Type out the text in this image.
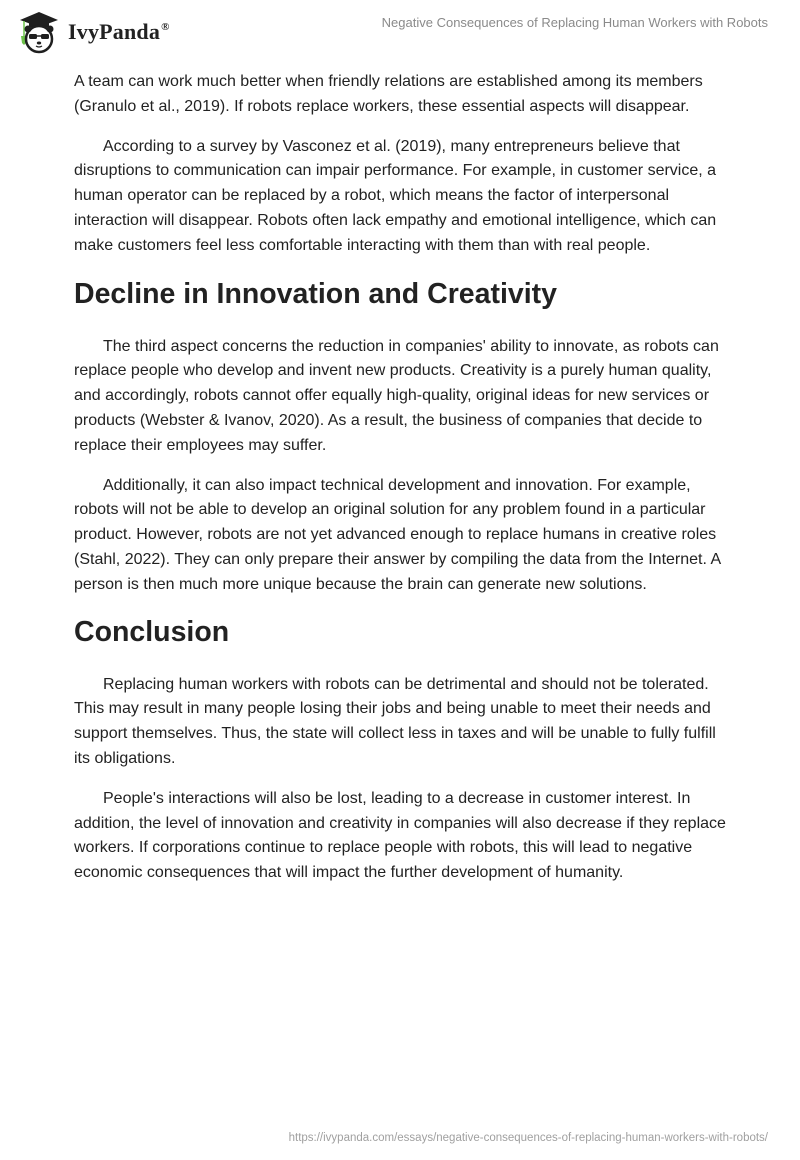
IvyPanda®	Negative Consequences of Replacing Human Workers with Robots

A team can work much better when friendly relations are established among its members (Granulo et al., 2019). If robots replace workers, these essential aspects will disappear.

According to a survey by Vasconez et al. (2019), many entrepreneurs believe that disruptions to communication can impair performance. For example, in customer service, a human operator can be replaced by a robot, which means the factor of interpersonal interaction will disappear. Robots often lack empathy and emotional intelligence, which can make customers feel less comfortable interacting with them than with real people.

Decline in Innovation and Creativity

The third aspect concerns the reduction in companies' ability to innovate, as robots can replace people who develop and invent new products. Creativity is a purely human quality, and accordingly, robots cannot offer equally high-quality, original ideas for new services or products (Webster & Ivanov, 2020). As a result, the business of companies that decide to replace their employees may suffer.

Additionally, it can also impact technical development and innovation. For example, robots will not be able to develop an original solution for any problem found in a particular product. However, robots are not yet advanced enough to replace humans in creative roles (Stahl, 2022). They can only prepare their answer by compiling the data from the Internet. A person is then much more unique because the brain can generate new solutions.

Conclusion

Replacing human workers with robots can be detrimental and should not be tolerated. This may result in many people losing their jobs and being unable to meet their needs and support themselves. Thus, the state will collect less in taxes and will be unable to fully fulfill its obligations.

People's interactions will also be lost, leading to a decrease in customer interest. In addition, the level of innovation and creativity in companies will also decrease if they replace workers. If corporations continue to replace people with robots, this will lead to negative economic consequences that will impact the further development of humanity.

https://ivypanda.com/essays/negative-consequences-of-replacing-human-workers-with-robots/
